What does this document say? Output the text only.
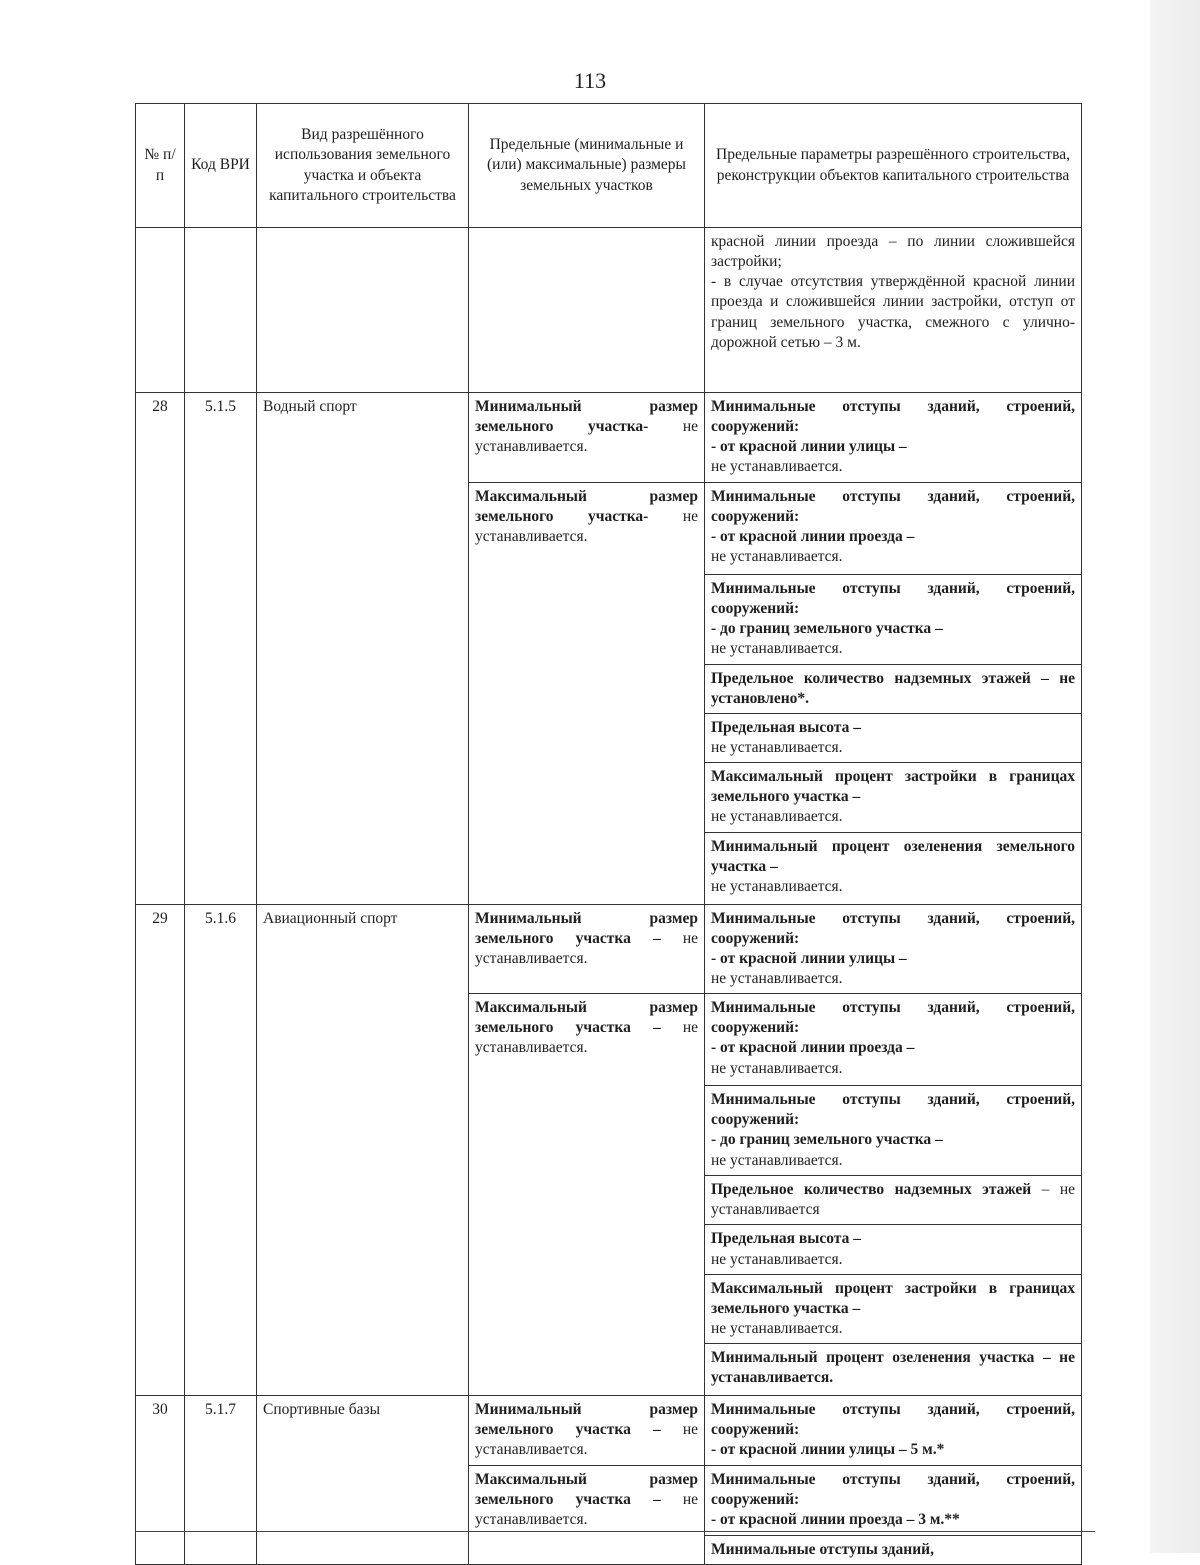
113
№ п/п	Код ВРИ	Вид разрешённого использования земельного участка и объекта капитального строительства	Предельные (минимальные и (или) максимальные) размеры земельных участков	Предельные параметры разрешённого строительства, реконструкции объектов капитального строительства

				красной линии проезда – по линии сложившейся застройки;
- в случае отсутствия утверждённой красной линии проезда и сложившейся линии застройки, отступ от границ земельного участка, смежного с улично-дорожной сетью – 3 м.

28	5.1.5	Водный спорт	Минимальный размер земельного участка- не устанавливается.	Минимальные отступы зданий, строений, сооружений:
- от красной линии улицы –
не устанавливается.

			Максимальный размер земельного участка- не устанавливается.	Минимальные отступы зданий, строений, сооружений:
- от красной линии проезда –
не устанавливается.

				Минимальные отступы зданий, строений, сооружений:
- до границ земельного участка –
не устанавливается.

				Предельное количество надземных этажей – не установлено*.

				Предельная высота –
не устанавливается.

				Максимальный процент застройки в границах земельного участка –
не устанавливается.

				Минимальный процент озеленения земельного участка –
не устанавливается.

29	5.1.6	Авиационный спорт	Минимальный размер земельного участка – не устанавливается.	Минимальные отступы зданий, строений, сооружений:
- от красной линии улицы –
не устанавливается.

			Максимальный размер земельного участка – не устанавливается.	Минимальные отступы зданий, строений, сооружений:
- от красной линии проезда –
не устанавливается.

				Минимальные отступы зданий, строений, сооружений:
- до границ земельного участка –
не устанавливается.

				Предельное количество надземных этажей – не устанавливается

				Предельная высота –
не устанавливается.

				Максимальный процент застройки в границах земельного участка –
не устанавливается.

				Минимальный процент озеленения участка – не устанавливается.
30	5.1.7	Спортивные базы	Минимальный размер земельного участка – не устанавливается.	Минимальные отступы зданий, строений, сооружений:
- от красной линии улицы – 5 м.*

			Максимальный размер земельного участка – не устанавливается.	Минимальные отступы зданий, строений, сооружений:
- от красной линии проезда – 3 м.**

				Минимальные отступы зданий,
